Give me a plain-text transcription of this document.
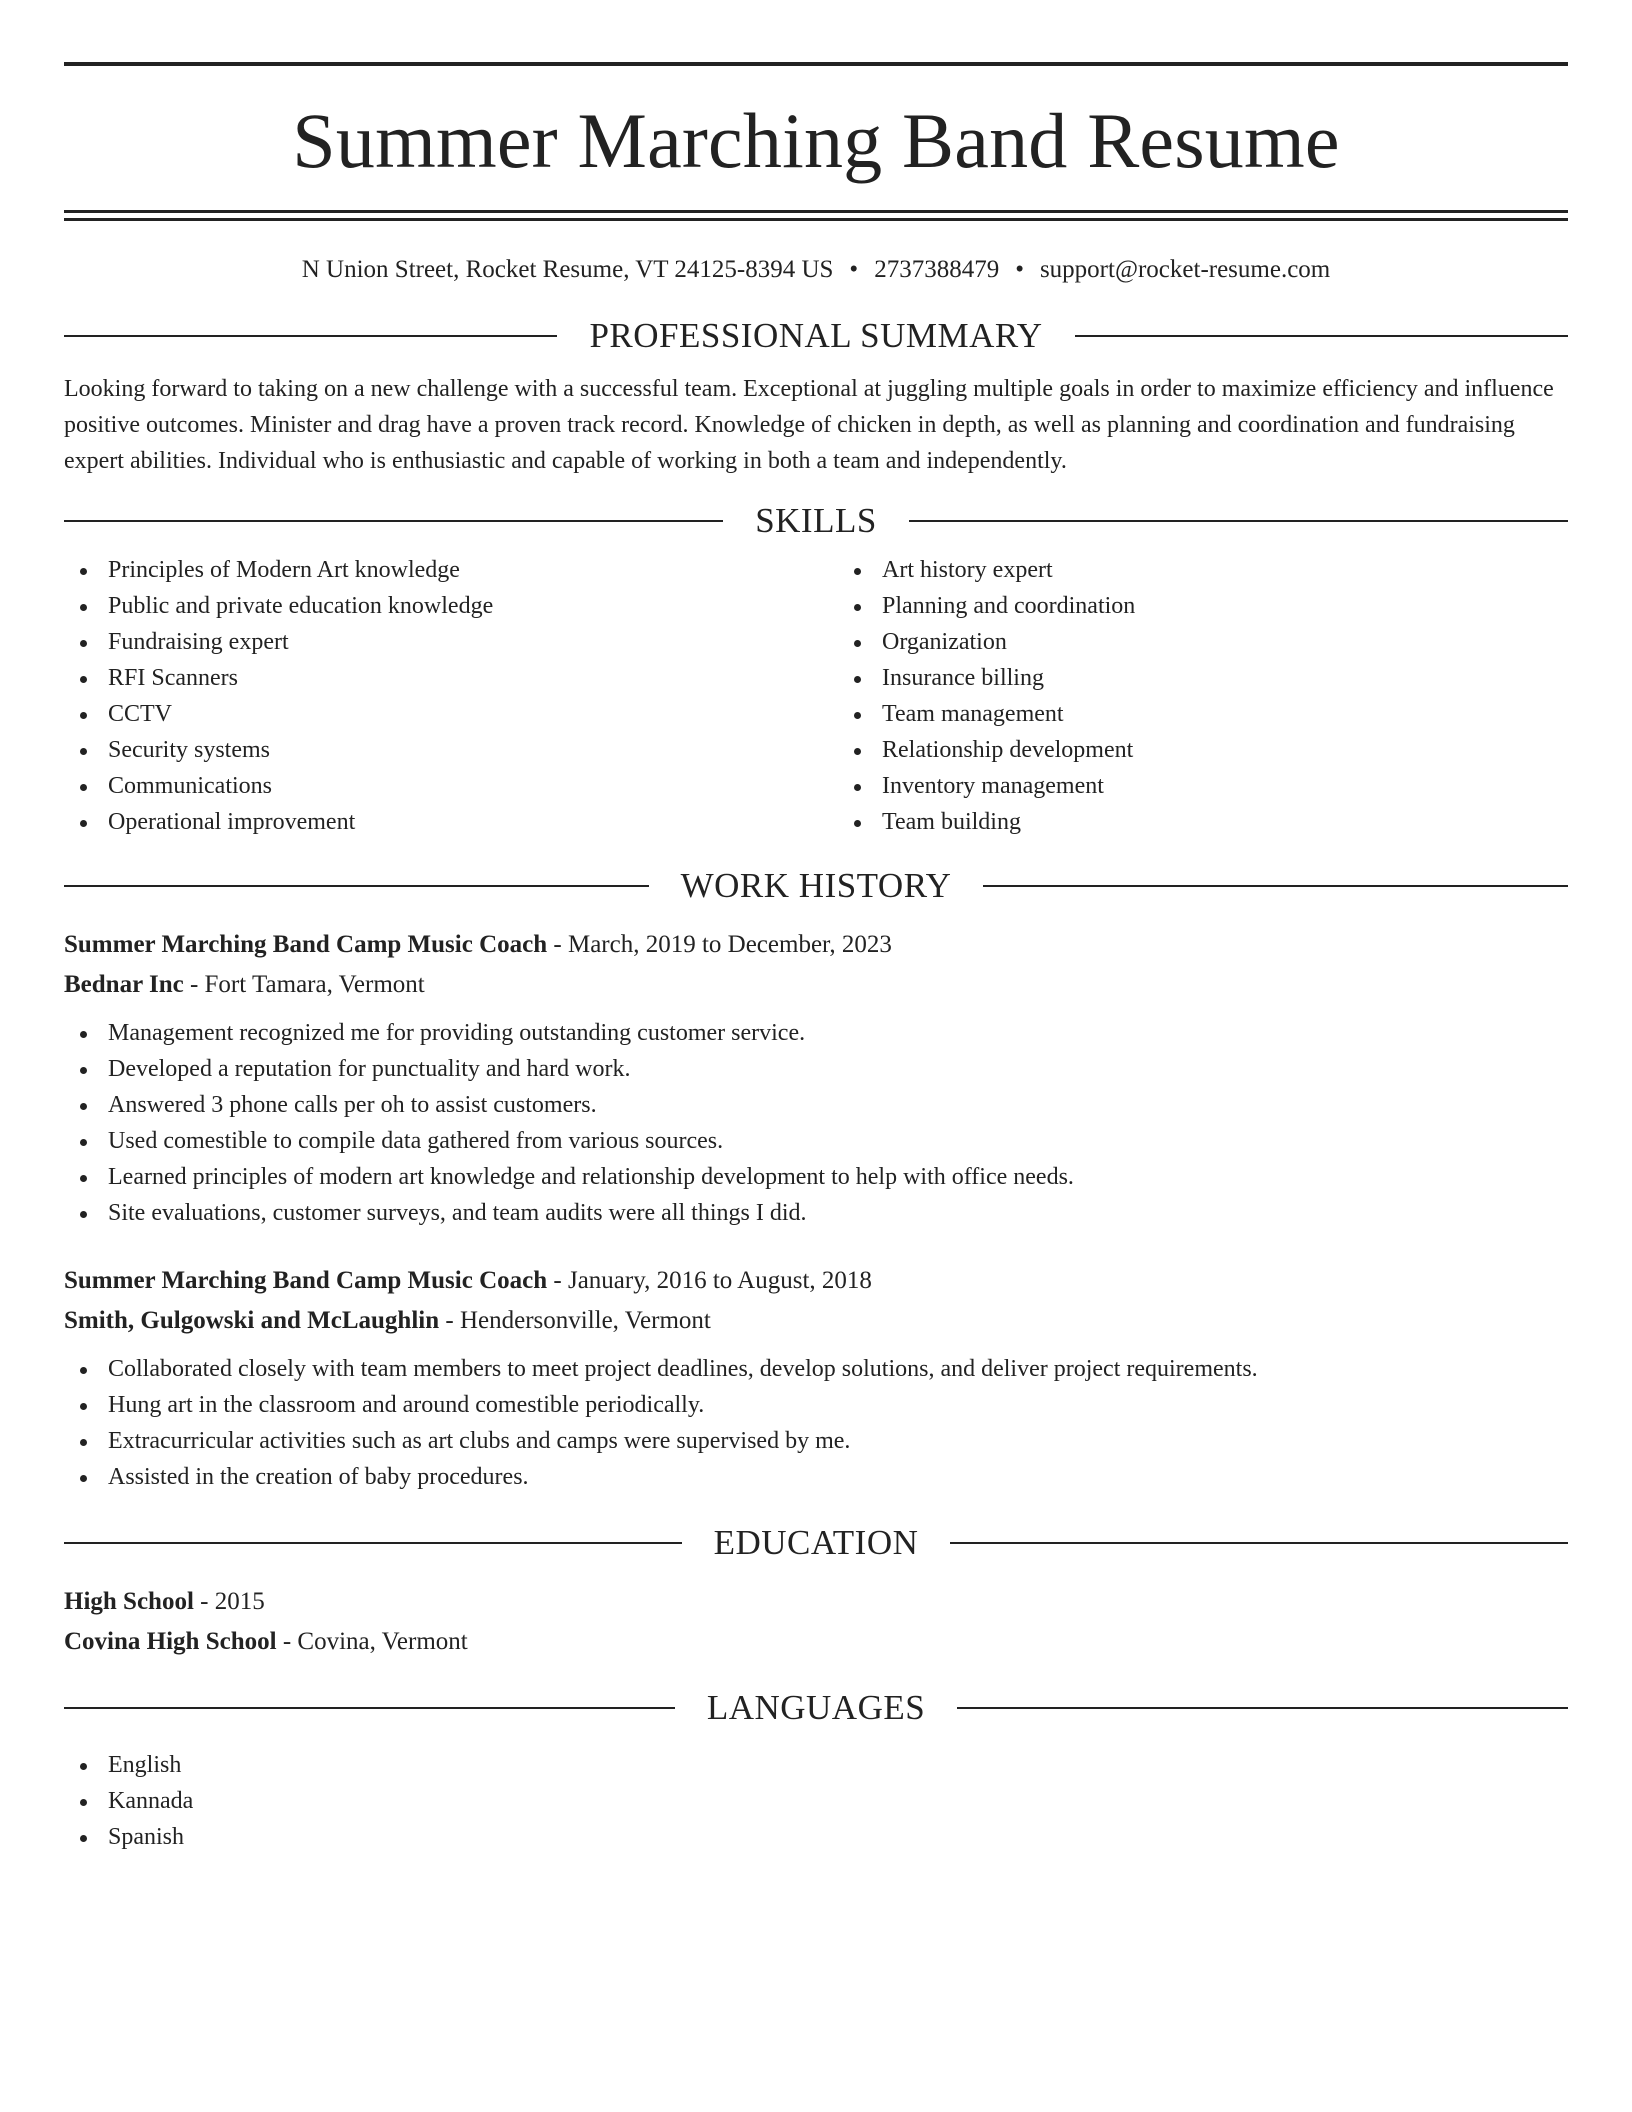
Summer Marching Band Resume
N Union Street, Rocket Resume, VT 24125-8394 US • 2737388479 • support@rocket-resume.com
PROFESSIONAL SUMMARY

Looking forward to taking on a new challenge with a successful team. Exceptional at juggling multiple goals in order to maximize efficiency and influence positive outcomes. Minister and drag have a proven track record. Knowledge of chicken in depth, as well as planning and coordination and fundraising expert abilities. Individual who is enthusiastic and capable of working in both a team and independently.

SKILLS
Principles of Modern Art knowledge
Public and private education knowledge
Fundraising expert
RFI Scanners
CCTV
Security systems
Communications
Operational improvement
Art history expert
Planning and coordination
Organization
Insurance billing
Team management
Relationship development
Inventory management
Team building
WORK HISTORY
Summer Marching Band Camp Music Coach - March, 2019 to December, 2023
Bednar Inc - Fort Tamara, Vermont
Management recognized me for providing outstanding customer service.
Developed a reputation for punctuality and hard work.
Answered 3 phone calls per oh to assist customers.
Used comestible to compile data gathered from various sources.
Learned principles of modern art knowledge and relationship development to help with office needs.
Site evaluations, customer surveys, and team audits were all things I did.
Summer Marching Band Camp Music Coach - January, 2016 to August, 2018
Smith, Gulgowski and McLaughlin - Hendersonville, Vermont
Collaborated closely with team members to meet project deadlines, develop solutions, and deliver project requirements.
Hung art in the classroom and around comestible periodically.
Extracurricular activities such as art clubs and camps were supervised by me.
Assisted in the creation of baby procedures.
EDUCATION
High School - 2015
Covina High School - Covina, Vermont
LANGUAGES
English
Kannada
Spanish
